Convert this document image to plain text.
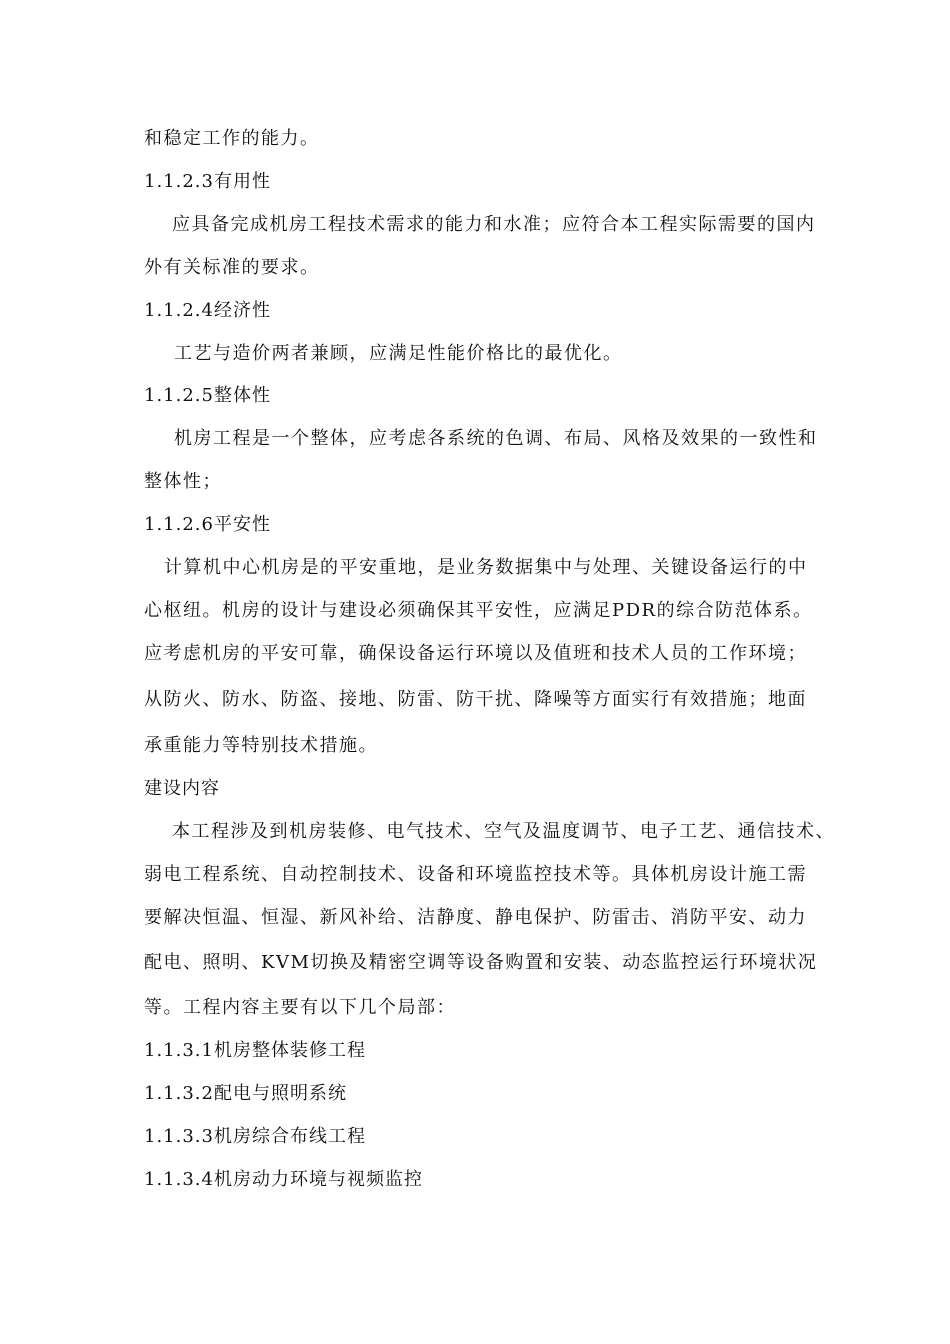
和稳定工作的能力。
1.1.2.3有用性
应具备完成机房工程技术需求的能力和水准；应符合本工程实际需要的国内
外有关标准的要求。
1.1.2.4经济性
工艺与造价两者兼顾，应满足性能价格比的最优化。
1.1.2.5整体性
机房工程是一个整体，应考虑各系统的色调、布局、风格及效果的一致性和
整体性；
1.1.2.6平安性
计算机中心机房是的平安重地，是业务数据集中与处理、关键设备运行的中
心枢纽。机房的设计与建设必须确保其平安性，应满足PDR的综合防范体系。
应考虑机房的平安可靠，确保设备运行环境以及值班和技术人员的工作环境；
从防火、防水、防盗、接地、防雷、防干扰、降噪等方面实行有效措施；地面
承重能力等特别技术措施。
建设内容
本工程涉及到机房装修、电气技术、空气及温度调节、电子工艺、通信技术、
弱电工程系统、自动控制技术、设备和环境监控技术等。具体机房设计施工需
要解决恒温、恒湿、新风补给、洁静度、静电保护、防雷击、消防平安、动力
配电、照明、KVM切换及精密空调等设备购置和安装、动态监控运行环境状况
等。工程内容主要有以下几个局部：
1.1.3.1机房整体装修工程
1.1.3.2配电与照明系统
1.1.3.3机房综合布线工程
1.1.3.4机房动力环境与视频监控
